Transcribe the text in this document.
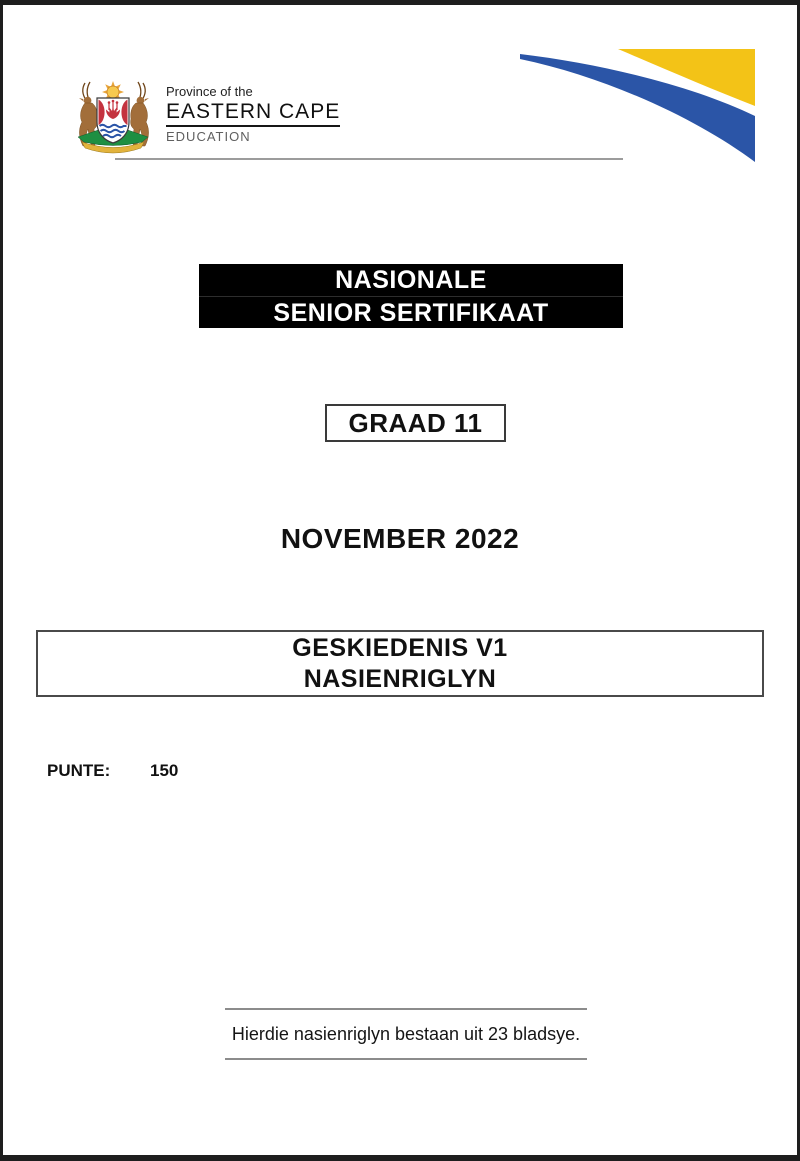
Province of the
EASTERN CAPE
EDUCATION
NASIONALE
SENIOR SERTIFIKAAT
GRAAD 11
NOVEMBER 2022
GESKIEDENIS V1
NASIENRIGLYN
PUNTE: 150
Hierdie nasienriglyn bestaan uit 23 bladsye.
